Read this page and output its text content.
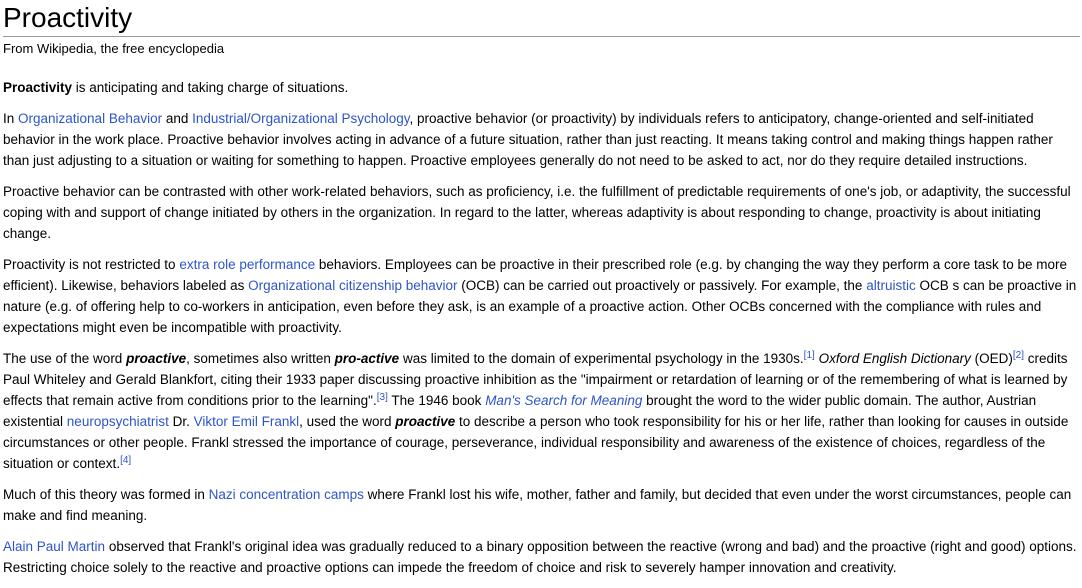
Proactivity
From Wikipedia, the free encyclopedia

Proactivity is anticipating and taking charge of situations.

In Organizational Behavior and Industrial/Organizational Psychology, proactive behavior (or proactivity) by individuals refers to anticipatory, change-oriented and self-initiated behavior in the work place. Proactive behavior involves acting in advance of a future situation, rather than just reacting. It means taking control and making things happen rather than just adjusting to a situation or waiting for something to happen. Proactive employees generally do not need to be asked to act, nor do they require detailed instructions.

Proactive behavior can be contrasted with other work-related behaviors, such as proficiency, i.e. the fulfillment of predictable requirements of one's job, or adaptivity, the successful coping with and support of change initiated by others in the organization. In regard to the latter, whereas adaptivity is about responding to change, proactivity is about initiating change.

Proactivity is not restricted to extra role performance behaviors. Employees can be proactive in their prescribed role (e.g. by changing the way they perform a core task to be more efficient). Likewise, behaviors labeled as Organizational citizenship behavior (OCB) can be carried out proactively or passively. For example, the altruistic OCB s can be proactive in nature (e.g. of offering help to co-workers in anticipation, even before they ask, is an example of a proactive action. Other OCBs concerned with the compliance with rules and expectations might even be incompatible with proactivity.

The use of the word proactive, sometimes also written pro-active was limited to the domain of experimental psychology in the 1930s.[1] Oxford English Dictionary (OED)[2] credits Paul Whiteley and Gerald Blankfort, citing their 1933 paper discussing proactive inhibition as the "impairment or retardation of learning or of the remembering of what is learned by effects that remain active from conditions prior to the learning".[3] The 1946 book Man's Search for Meaning brought the word to the wider public domain. The author, Austrian existential neuropsychiatrist Dr. Viktor Emil Frankl, used the word proactive to describe a person who took responsibility for his or her life, rather than looking for causes in outside circumstances or other people. Frankl stressed the importance of courage, perseverance, individual responsibility and awareness of the existence of choices, regardless of the situation or context.[4]

Much of this theory was formed in Nazi concentration camps where Frankl lost his wife, mother, father and family, but decided that even under the worst circumstances, people can make and find meaning.

Alain Paul Martin observed that Frankl's original idea was gradually reduced to a binary opposition between the reactive (wrong and bad) and the proactive (right and good) options. Restricting choice solely to the reactive and proactive options can impede the freedom of choice and risk to severely hamper innovation and creativity.
